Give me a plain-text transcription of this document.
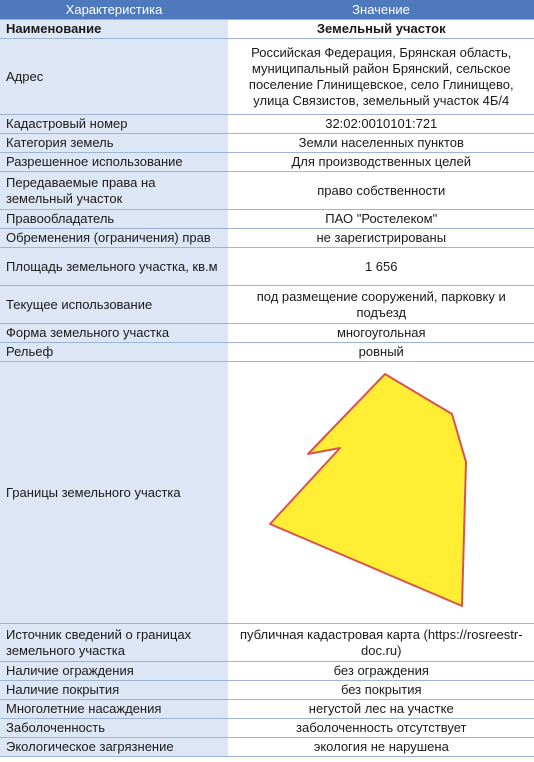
Характеристика	Значение
Наименование	Земельный участок
Адрес	Российская Федерация, Брянская область, муниципальный район Брянский, сельское поселение Глинищевское, село Глинищево, улица Связистов, земельный участок 4Б/4
Кадастровый номер	32:02:0010101:721
Категория земель	Земли населенных пунктов
Разрешенное использование	Для производственных целей
Передаваемые права на земельный участок	право собственности
Правообладатель	ПАО "Ростелеком"
Обременения (ограничения) прав	не зарегистрированы
Площадь земельного участка, кв.м	1 656
Текущее использование	под размещение сооружений, парковку и подъезд
Форма земельного участка	многоугольная
Рельеф	ровный
Границы земельного участка	

Источник сведений о границах земельного участка	публичная кадастровая карта (https://rosreestr-doc.ru)
Наличие ограждения	без ограждения
Наличие покрытия	без покрытия
Многолетние насаждения	негустой лес на участке
Заболоченность	заболоченность отсутствует
Экологическое загрязнение	экология не нарушена
